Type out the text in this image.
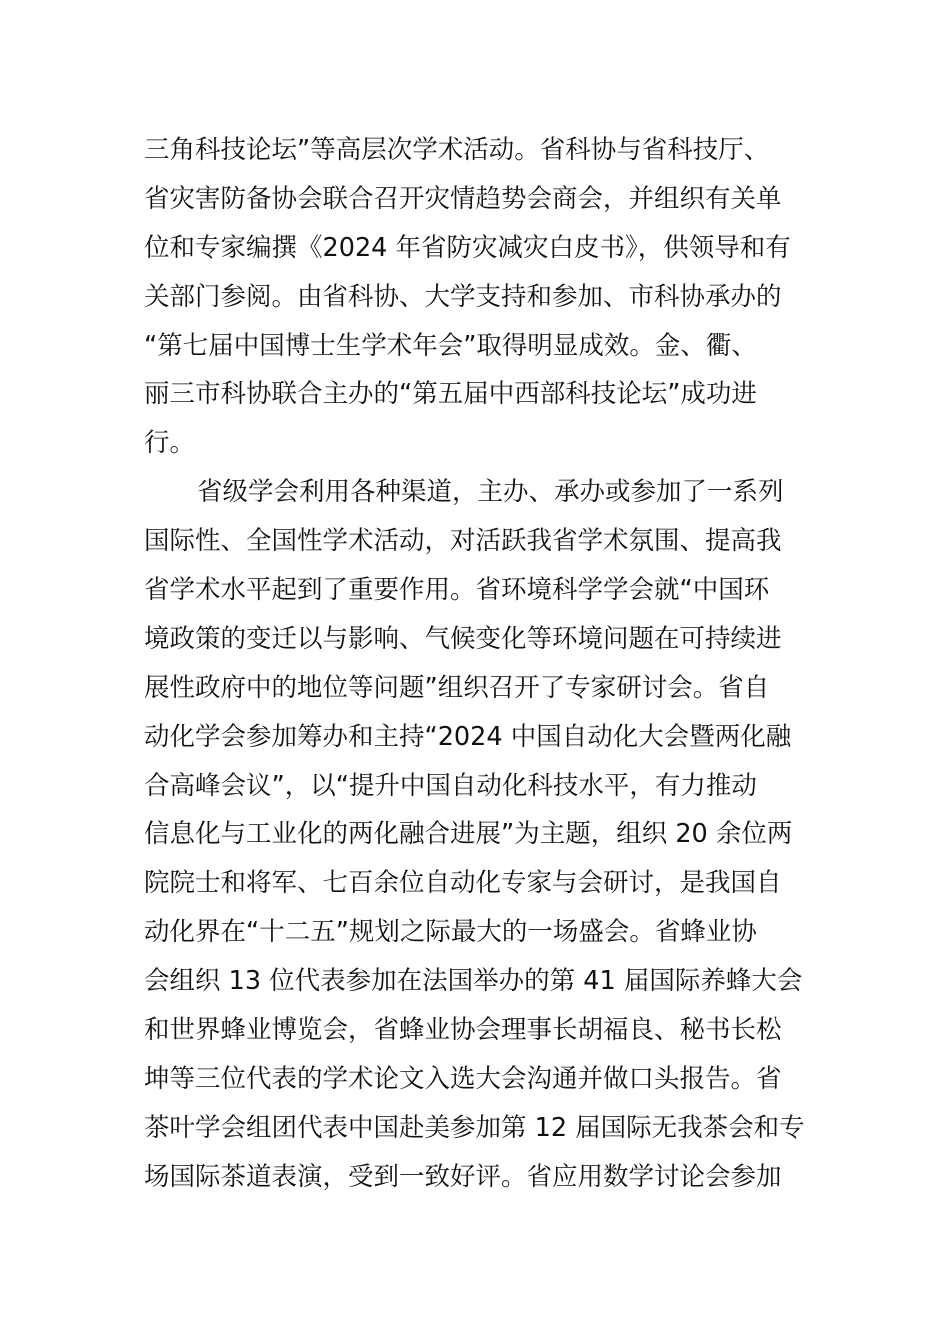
三角科技论坛”等高层次学术活动。省科协与省科技厅、
省灾害防备协会联合召开灾情趋势会商会，并组织有关单
位和专家编撰《2024 年省防灾减灾白皮书》，供领导和有
关部门参阅。由省科协、大学支持和参加、市科协承办的
“第七届中国博士生学术年会”取得明显成效。金、衢、
丽三市科协联合主办的“第五届中西部科技论坛”成功进
行。
省级学会利用各种渠道，主办、承办或参加了一系列
国际性、全国性学术活动，对活跃我省学术氛围、提高我
省学术水平起到了重要作用。省环境科学学会就“中国环
境政策的变迁以与影响、气候变化等环境问题在可持续进
展性政府中的地位等问题”组织召开了专家研讨会。省自
动化学会参加筹办和主持“2024 中国自动化大会暨两化融
合高峰会议”，以“提升中国自动化科技水平，有力推动
信息化与工业化的两化融合进展”为主题，组织 20 余位两
院院士和将军、七百余位自动化专家与会研讨，是我国自
动化界在“十二五”规划之际最大的一场盛会。省蜂业协
会组织 13 位代表参加在法国举办的第 41 届国际养蜂大会
和世界蜂业博览会，省蜂业协会理事长胡福良、秘书长松
坤等三位代表的学术论文入选大会沟通并做口头报告。省
茶叶学会组团代表中国赴美参加第 12 届国际无我茶会和专
场国际茶道表演，受到一致好评。省应用数学讨论会参加
